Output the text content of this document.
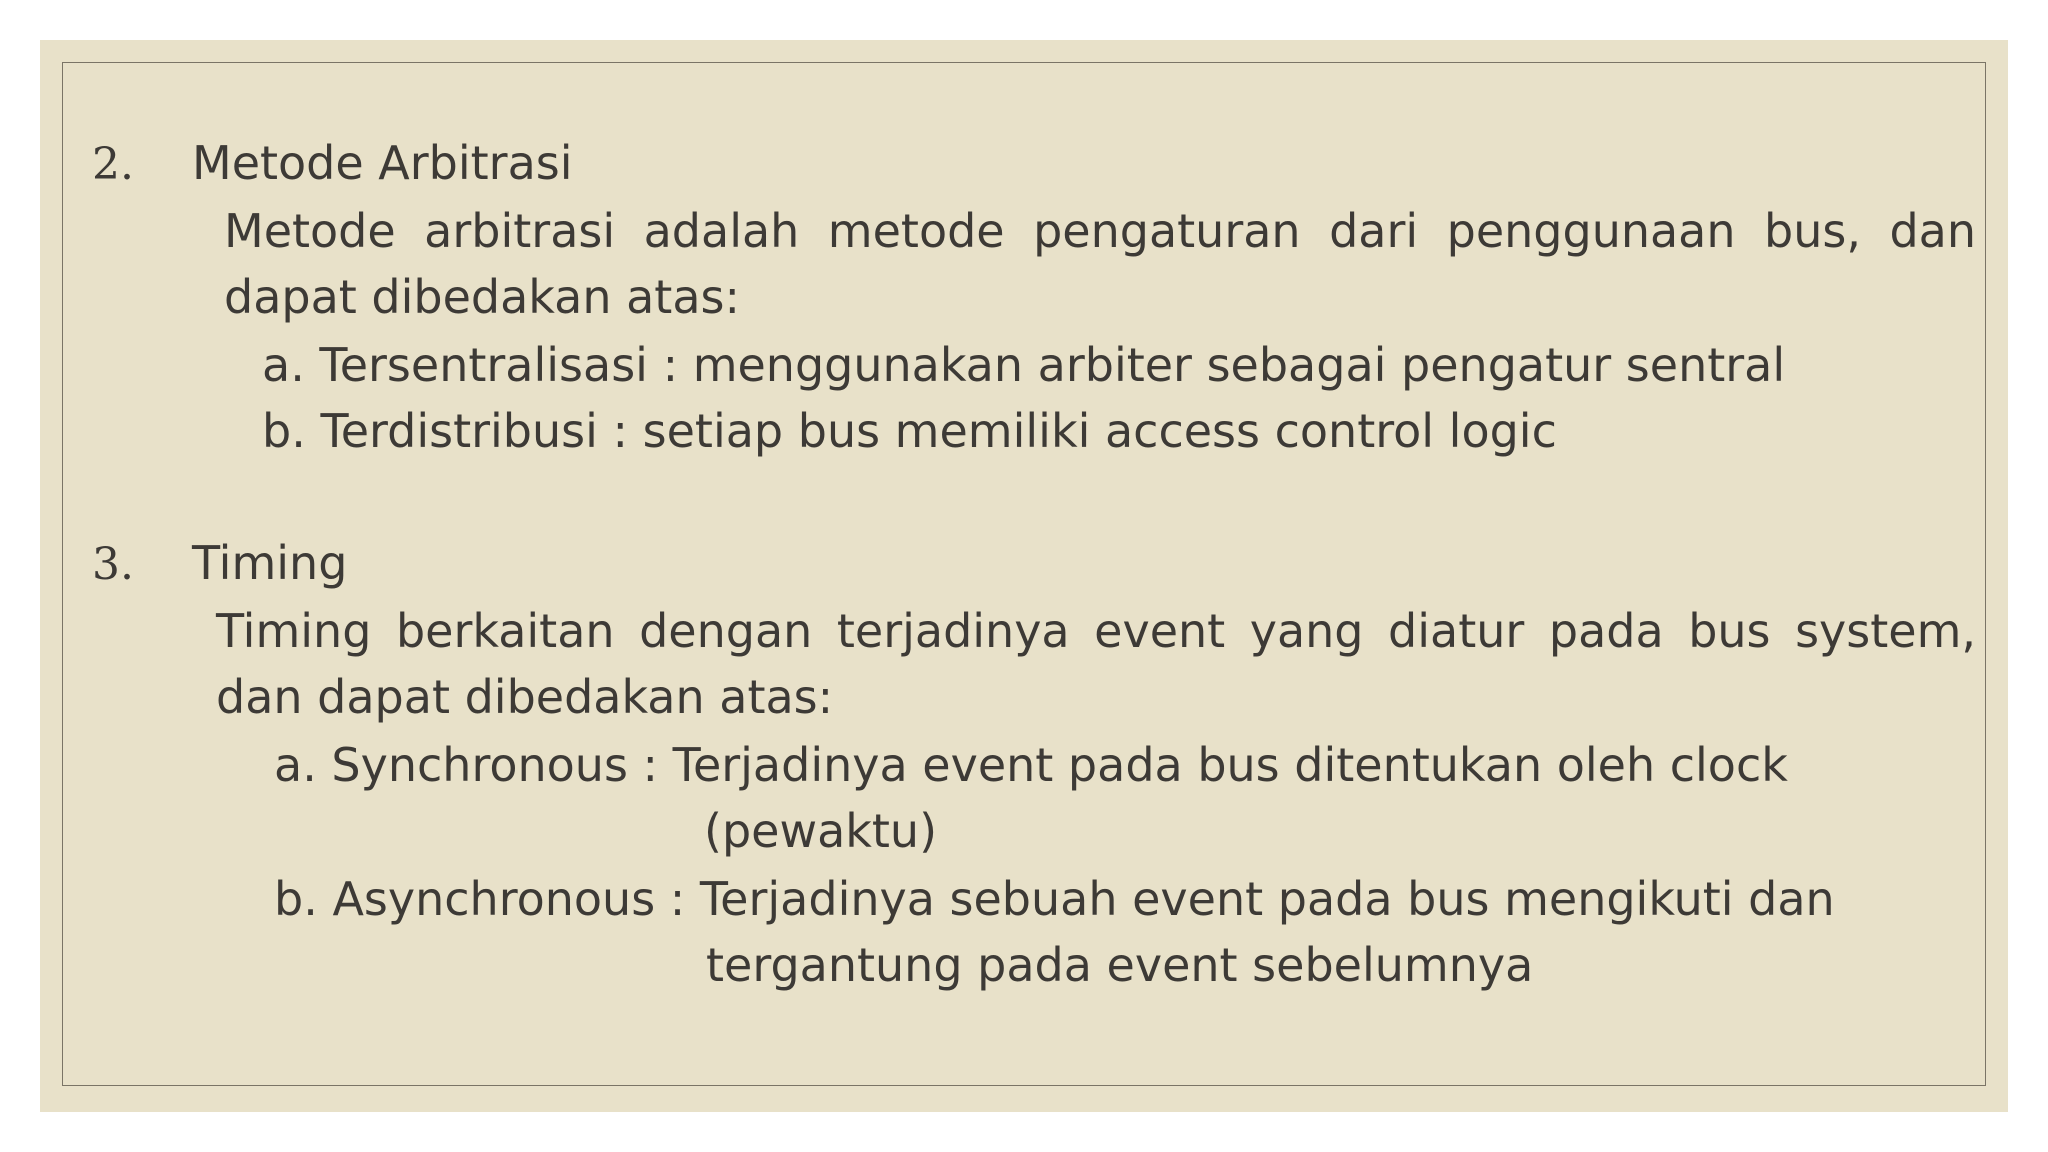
2. Metode Arbitrasi
Metode arbitrasi adalah metode pengaturan dari penggunaan bus, dan dapat dibedakan atas:
a. Tersentralisasi : menggunakan arbiter sebagai pengatur sentral
b. Terdistribusi : setiap bus memiliki access control logic
3. Timing
Timing berkaitan dengan terjadinya event yang diatur pada bus system, dan dapat dibedakan atas:
a. Synchronous : Terjadinya event pada bus ditentukan oleh clock
(pewaktu)
b. Asynchronous : Terjadinya sebuah event pada bus mengikuti dan
tergantung pada event sebelumnya
